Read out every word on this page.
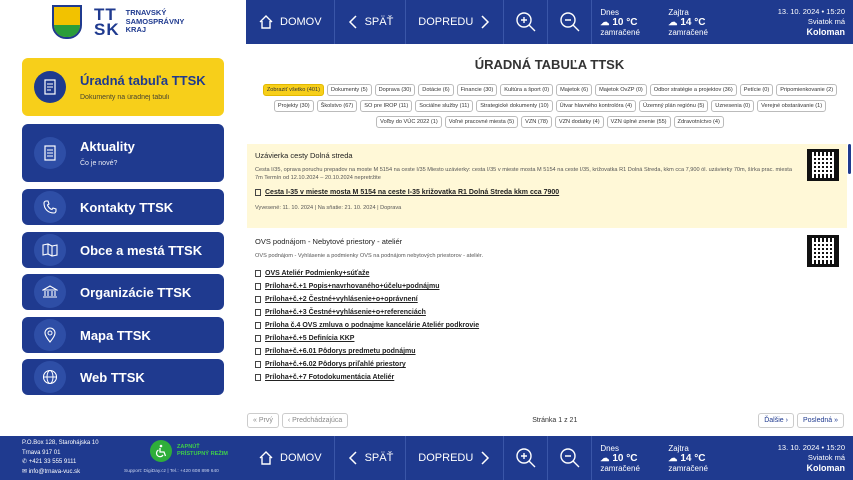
TT
SK
TRNAVSKÝ
SAMOSPRÁVNY
KRAJ
DOMOV	SPÄŤ DOPREDU
Dnes
☁ 10 °C
zamračené
Zajtra
☁ 14 °C
zamračené
13. 10. 2024 • 15:20
Sviatok má
Koloman
Úradná tabuľa TTSK
Dokumenty na úradnej tabuli
Aktuality
Čo je nové?
Kontakty TTSK
Obce a mestá TTSK
Organizácie TTSK
Mapa TTSK
Web TTSK
ÚRADNÁ TABUĽA TTSK
Zobraziť všetko (401)	Dokumenty (5)	Doprava (30)	Dotácie (6)	Financie (30)	Kultúra a šport (0)	Majetok (6)	Majetok OvZP (0)	Odbor stratégie a projektov (36)	Petície (0)	Pripomienkovanie (2)
Projekty (30)	Školstvo (67)	SO pre IROP (11)	Sociálne služby (11)	Strategické dokumenty (10)	Útvar hlavného kontrolóra (4)	Územný plán regiónu (5)	Uznesenia (0)	Verejné obstarávanie (1)
Voľby do VÚC 2022 (1)	Voľné pracovné miesta (5)	VZN (78)	VZN dodatky (4)	VZN úplné znenie (55)	Zdravotníctvo (4)
Uzávierka cesty Dolná streda
Cesta I/35, oprava poruchu prepadov na moste M 5154 na ceste I/35 Miesto uzávierky: cesta I/35 v mieste mosta M 5154 na ceste I/35, križovatka R1 Dolná Streda, kkm cca 7,900 ól. uzávierky 70m, šírka prac. miesta 7m Termín od 12.10.2024 – 20.10.2024 nepretržite
Cesta I-35 v mieste mosta M 5154 na ceste I-35 križovatka R1 Dolná Streda kkm cca 7900
Vyvesené: 11. 10. 2024 | Na sňatie: 21. 10. 2024 | Doprava
OVS podnájom - Nebytové priestory - ateliér
OVS podnájom - Vyhlásenie a podmienky OVS na podnájom nebytových priestorov - ateliér.
OVS Ateliér Podmienky+súťaže
Príloha+č.+1 Popis+navrhovaného+účelu+podnájmu
Príloha+č.+2 Čestné+vyhlásenie+o+oprávnení
Príloha+č.+3 Čestné+vyhlásenie+o+referenciách
Príloha č.4 OVS zmluva o podnajme kancelárie Ateliér podkrovie
Príloha+č.+5 Definícia KKP
Príloha+č.+6.01 Pôdorys predmetu podnájmu
Príloha+č.+6.02 Pôdorys priľahlé priestory
Príloha+č.+7 Fotodokumentácia Ateliér
« Prvý	‹ Predchádzajúca	Stránka 1 z 21	Ďalšie ›	Posledná »
P.O.Box 128, Starohájska 10
Trnava 917 01
✆ +421 33 555 9111
✉ info@trnava-vuc.sk
ZAPNÚŤ
PRÍSTUPNÝ REŽIM
Support: DigiDay.cz | Tel.: +420 608 899 640
DOMOV	SPÄŤ DOPREDU
Dnes
☁ 10 °C
zamračené
Zajtra
☁ 14 °C
zamračené
13. 10. 2024 • 15:20
Sviatok má
Koloman
